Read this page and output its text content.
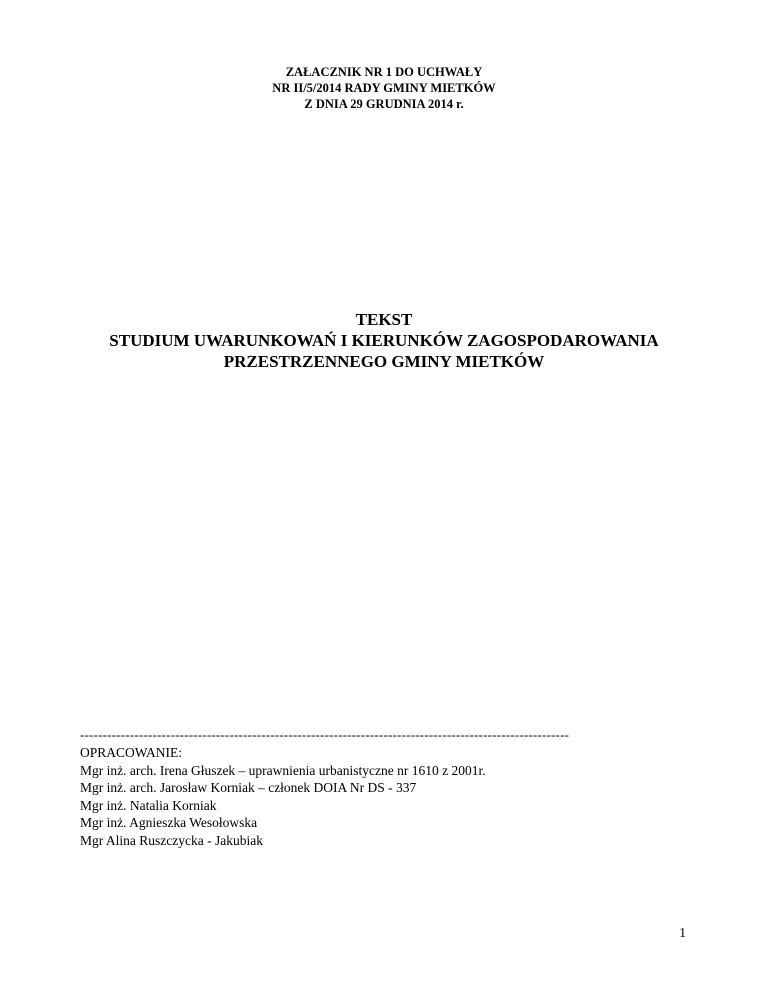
ZAŁACZNIK NR 1 DO UCHWAŁY
NR II/5/2014 RADY GMINY MIETKÓW
Z DNIA 29 GRUDNIA 2014 r.
TEKST
STUDIUM UWARUNKOWAŃ I KIERUNKÓW ZAGOSPODAROWANIA
PRZESTRZENNEGO GMINY MIETKÓW
------------------------------------------------------------------------------------------------------------
OPRACOWANIE:
Mgr inż. arch. Irena Głuszek – uprawnienia urbanistyczne nr 1610 z 2001r.
Mgr inż. arch. Jarosław Korniak – członek DOIA Nr DS - 337
Mgr inż. Natalia Korniak
Mgr inż. Agnieszka Wesołowska
Mgr Alina Ruszczycka - Jakubiak
1
